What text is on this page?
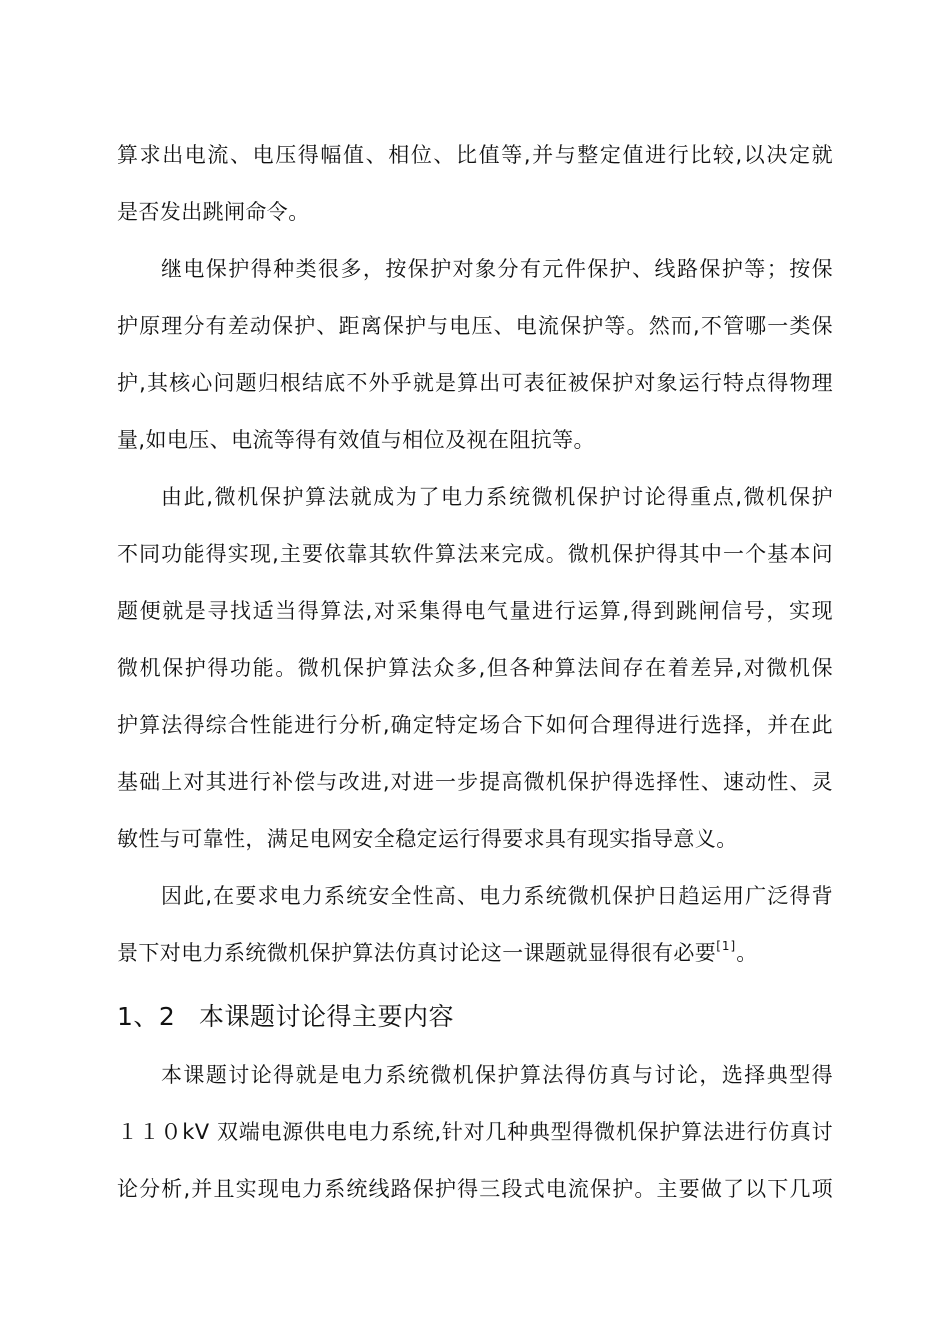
算求出电流、电压得幅值、相位、比值等,并与整定值进行比较,以决定就
是否发出跳闸命令。
继电保护得种类很多，按保护对象分有元件保护、线路保护等；按保
护原理分有差动保护、距离保护与电压、电流保护等。然而,不管哪一类保
护,其核心问题归根结底不外乎就是算出可表征被保护对象运行特点得物理
量,如电压、电流等得有效值与相位及视在阻抗等。
由此,微机保护算法就成为了电力系统微机保护讨论得重点,微机保护
不同功能得实现,主要依靠其软件算法来完成。微机保护得其中一个基本问
题便就是寻找适当得算法,对采集得电气量进行运算,得到跳闸信号，实现
微机保护得功能。微机保护算法众多,但各种算法间存在着差异,对微机保
护算法得综合性能进行分析,确定特定场合下如何合理得进行选择，并在此
基础上对其进行补偿与改进,对进一步提高微机保护得选择性、速动性、灵
敏性与可靠性，满足电网安全稳定运行得要求具有现实指导意义。
因此,在要求电力系统安全性高、电力系统微机保护日趋运用广泛得背
景下对电力系统微机保护算法仿真讨论这一课题就显得很有必要[1]。
1、2 本课题讨论得主要内容
本课题讨论得就是电力系统微机保护算法得仿真与讨论，选择典型得
１１０kV 双端电源供电电力系统,针对几种典型得微机保护算法进行仿真讨
论分析,并且实现电力系统线路保护得三段式电流保护。主要做了以下几项
